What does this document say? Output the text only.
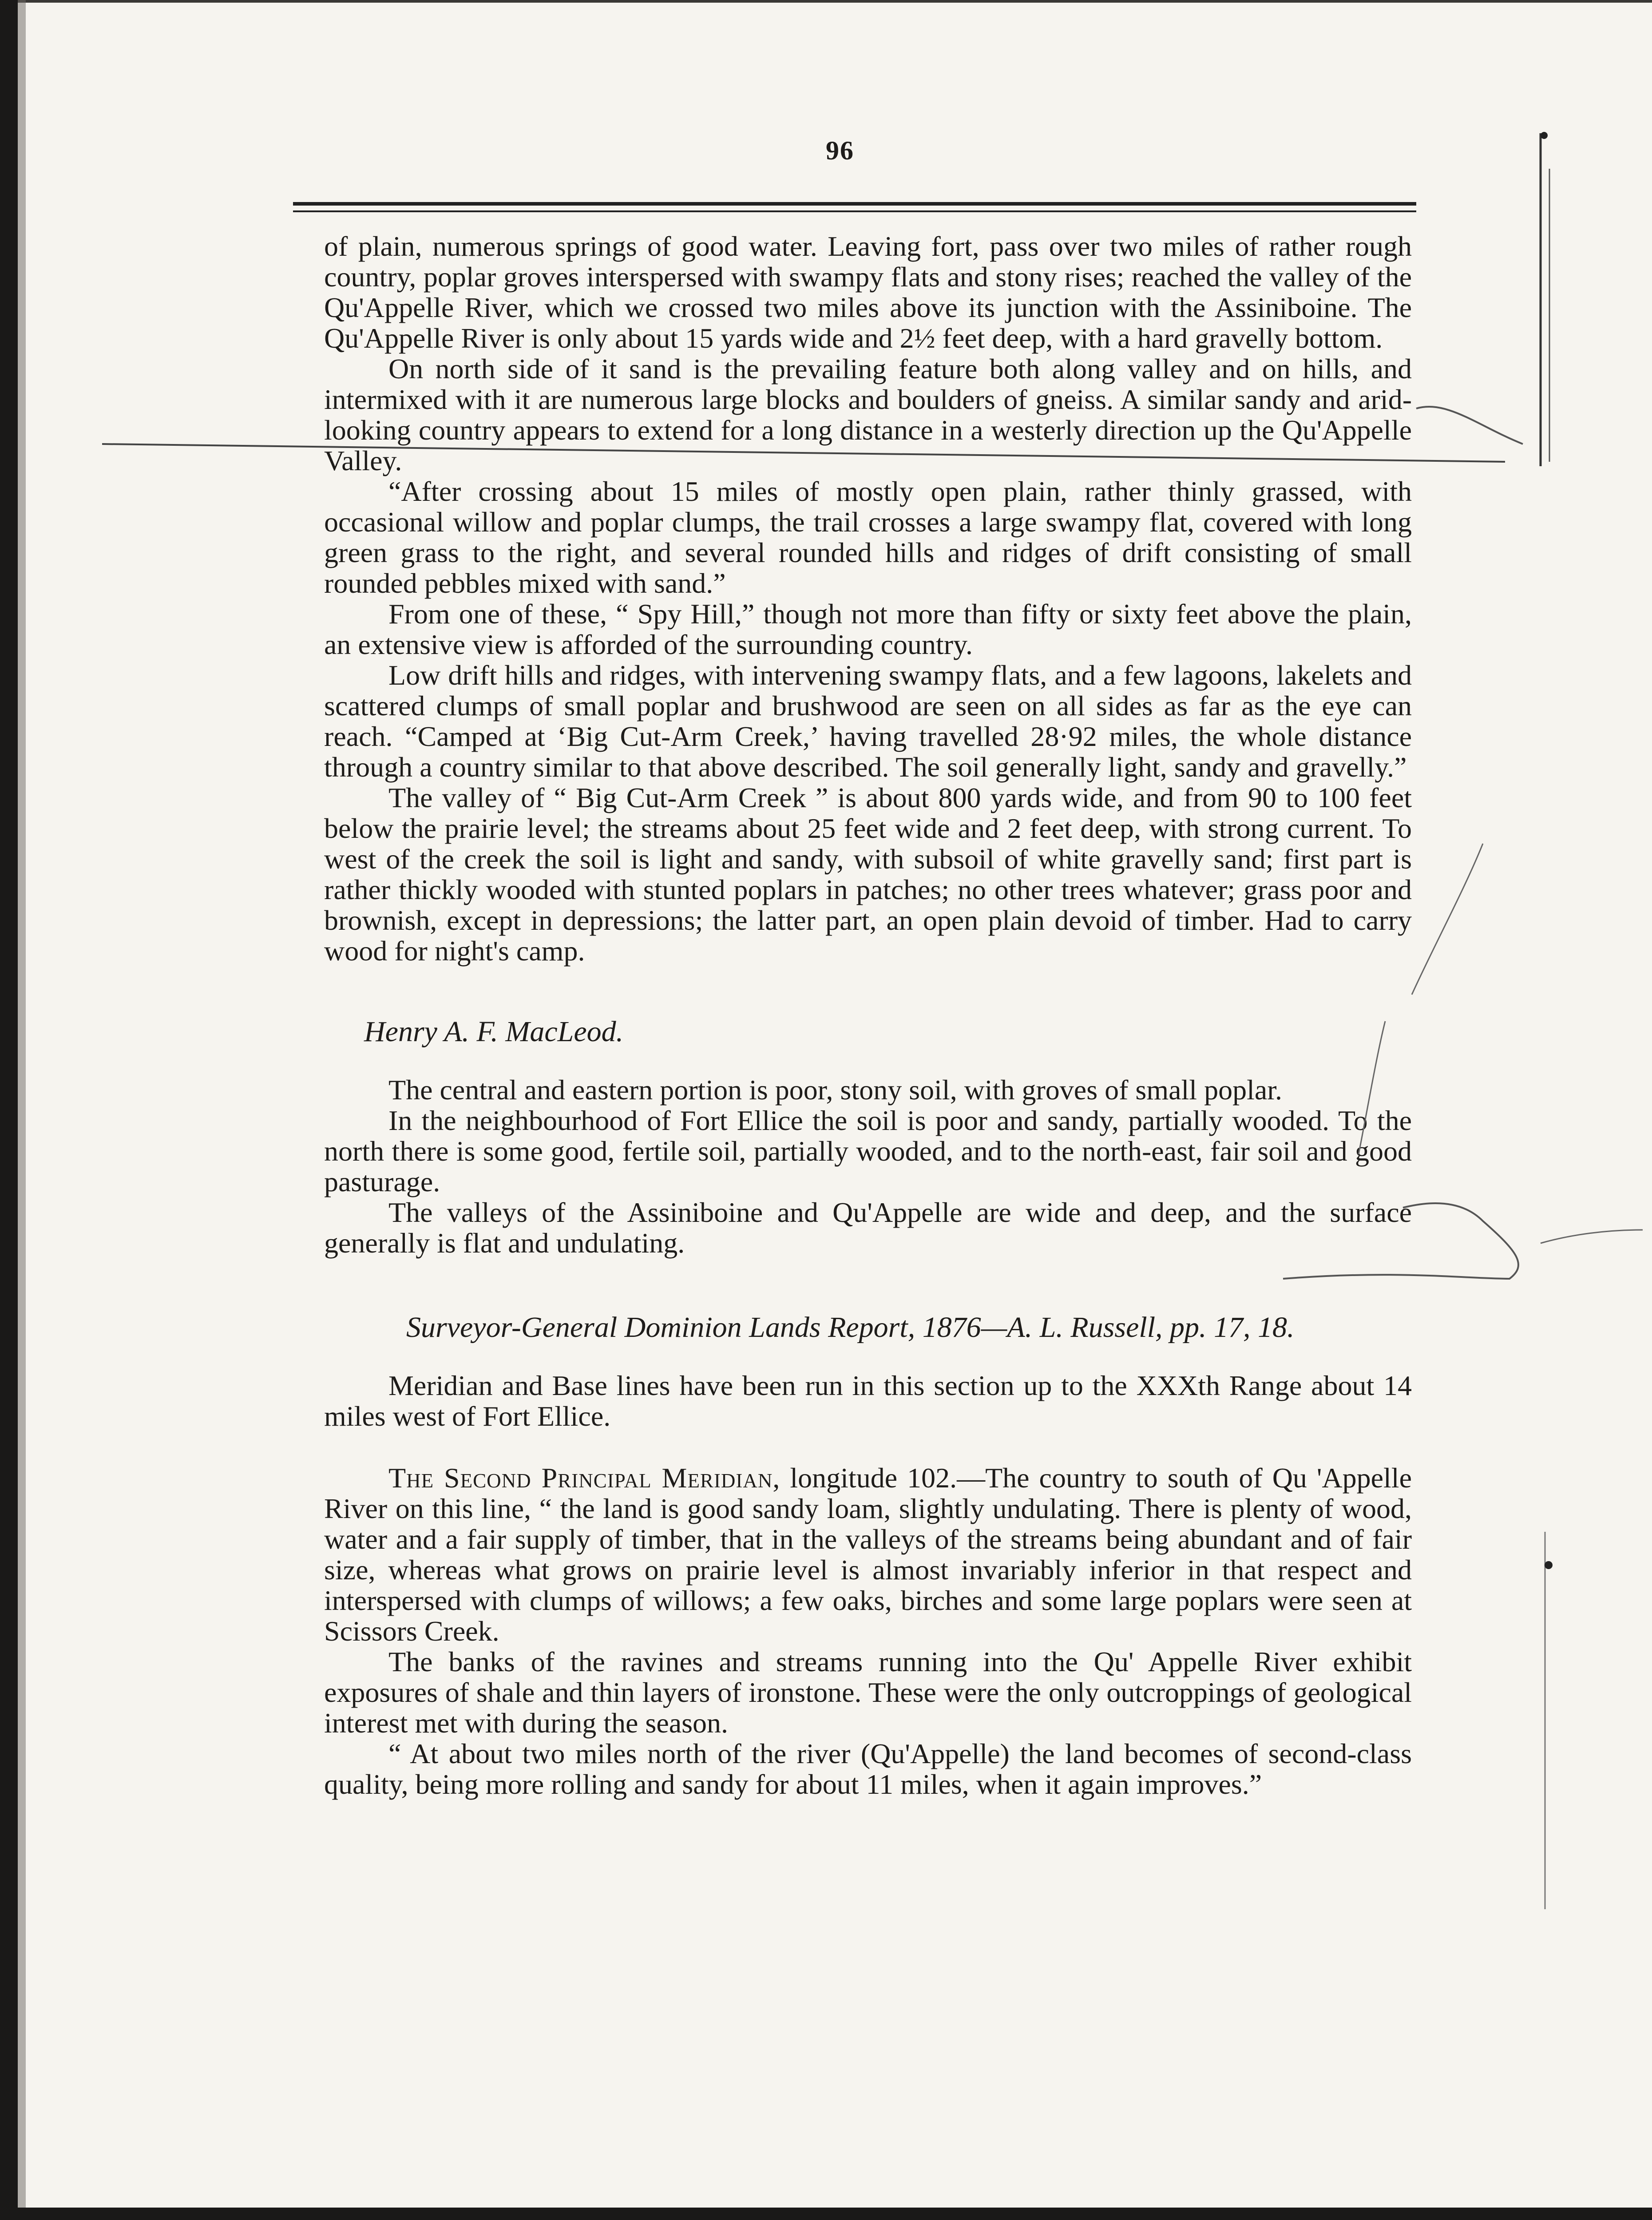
96

of plain, numerous springs of good water. Leaving fort, pass over two miles of rather rough country, poplar groves interspersed with swampy flats and stony rises; reached the valley of the Qu'Appelle River, which we crossed two miles above its junction with the Assiniboine. The Qu'Appelle River is only about 15 yards wide and 2½ feet deep, with a hard gravelly bottom.

On north side of it sand is the prevailing feature both along valley and on hills, and intermixed with it are numerous large blocks and boulders of gneiss. A similar sandy and arid-looking country appears to extend for a long distance in a westerly direction up the Qu'Appelle Valley.

“After crossing about 15 miles of mostly open plain, rather thinly grassed, with occasional willow and poplar clumps, the trail crosses a large swampy flat, covered with long green grass to the right, and several rounded hills and ridges of drift consisting of small rounded pebbles mixed with sand.”

From one of these, “ Spy Hill,” though not more than fifty or sixty feet above the plain, an extensive view is afforded of the surrounding country.

Low drift hills and ridges, with intervening swampy flats, and a few lagoons, lakelets and scattered clumps of small poplar and brushwood are seen on all sides as far as the eye can reach. “Camped at ‘Big Cut-Arm Creek,’ having travelled 28·92 miles, the whole distance through a country similar to that above described. The soil generally light, sandy and gravelly.”

The valley of “ Big Cut-Arm Creek ” is about 800 yards wide, and from 90 to 100 feet below the prairie level; the streams about 25 feet wide and 2 feet deep, with strong current. To west of the creek the soil is light and sandy, with subsoil of white gravelly sand; first part is rather thickly wooded with stunted poplars in patches; no other trees whatever; grass poor and brownish, except in depressions; the latter part, an open plain devoid of timber. Had to carry wood for night's camp.

Henry A. F. MacLeod.

The central and eastern portion is poor, stony soil, with groves of small poplar.

In the neighbourhood of Fort Ellice the soil is poor and sandy, partially wooded. To the north there is some good, fertile soil, partially wooded, and to the north-east, fair soil and good pasturage.

The valleys of the Assiniboine and Qu'Appelle are wide and deep, and the surface generally is flat and undulating.

Surveyor-General Dominion Lands Report, 1876—A. L. Russell, pp. 17, 18.

Meridian and Base lines have been run in this section up to the XXXth Range about 14 miles west of Fort Ellice.

The Second Principal Meridian, longitude 102.—The country to south of Qu 'Appelle River on this line, “ the land is good sandy loam, slightly undulating. There is plenty of wood, water and a fair supply of timber, that in the valleys of the streams being abundant and of fair size, whereas what grows on prairie level is almost invariably inferior in that respect and interspersed with clumps of willows; a few oaks, birches and some large poplars were seen at Scissors Creek.

The banks of the ravines and streams running into the Qu' Appelle River exhibit exposures of shale and thin layers of ironstone. These were the only outcroppings of geological interest met with during the season.

“ At about two miles north of the river (Qu'Appelle) the land becomes of second-class quality, being more rolling and sandy for about 11 miles, when it again improves.”
